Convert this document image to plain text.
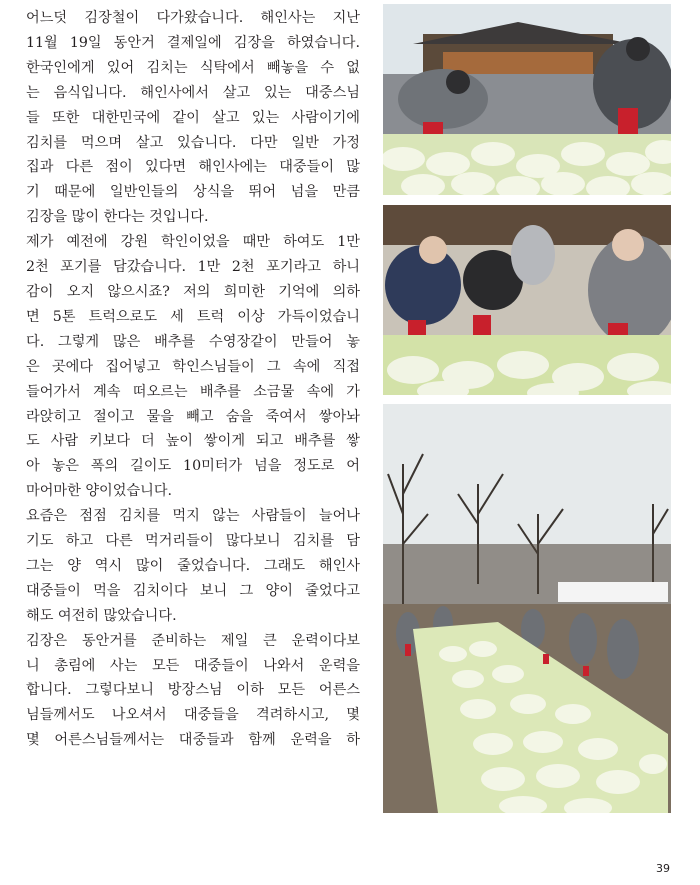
어느덧 김장철이 다가왔습니다. 해인사는 지난
11월 19일 동안거 결제일에 김장을 하였습니다.
한국인에게 있어 김치는 식탁에서 빼놓을 수 없
는 음식입니다. 해인사에서 살고 있는 대중스님
들 또한 대한민국에 같이 살고 있는 사람이기에
김치를 먹으며 살고 있습니다. 다만 일반 가정
집과 다른 점이 있다면 해인사에는 대중들이 많
기 때문에 일반인들의 상식을 뛰어 넘을 만큼
김장을 많이 한다는 것입니다.
제가 예전에 강원 학인이었을 때만 하여도 1만
2천 포기를 담갔습니다. 1만 2천 포기라고 하니
감이 오지 않으시죠? 저의 희미한 기억에 의하
면 5톤 트럭으로도 세 트럭 이상 가득이었습니
다. 그렇게 많은 배추를 수영장같이 만들어 놓
은 곳에다 집어넣고 학인스님들이 그 속에 직접
들어가서 계속 떠오르는 배추를 소금물 속에 가
라앉히고 절이고 물을 빼고 숨을 죽여서 쌓아놔
도 사람 키보다 더 높이 쌓이게 되고 배추를 쌓
아 놓은 폭의 길이도 10미터가 넘을 정도로 어
마어마한 양이었습니다.
요즘은 점점 김치를 먹지 않는 사람들이 늘어나
기도 하고 다른 먹거리들이 많다보니 김치를 담
그는 양 역시 많이 줄었습니다. 그래도 해인사
대중들이 먹을 김치이다 보니 그 양이 줄었다고
해도 여전히 많았습니다.
김장은 동안거를 준비하는 제일 큰 운력이다보
니 총림에 사는 모든 대중들이 나와서 운력을
합니다. 그렇다보니 방장스님 이하 모든 어른스
님들께서도 나오셔서 대중들을 격려하시고, 몇
몇 어른스님들께서는 대중들과 함께 운력을 하
39
